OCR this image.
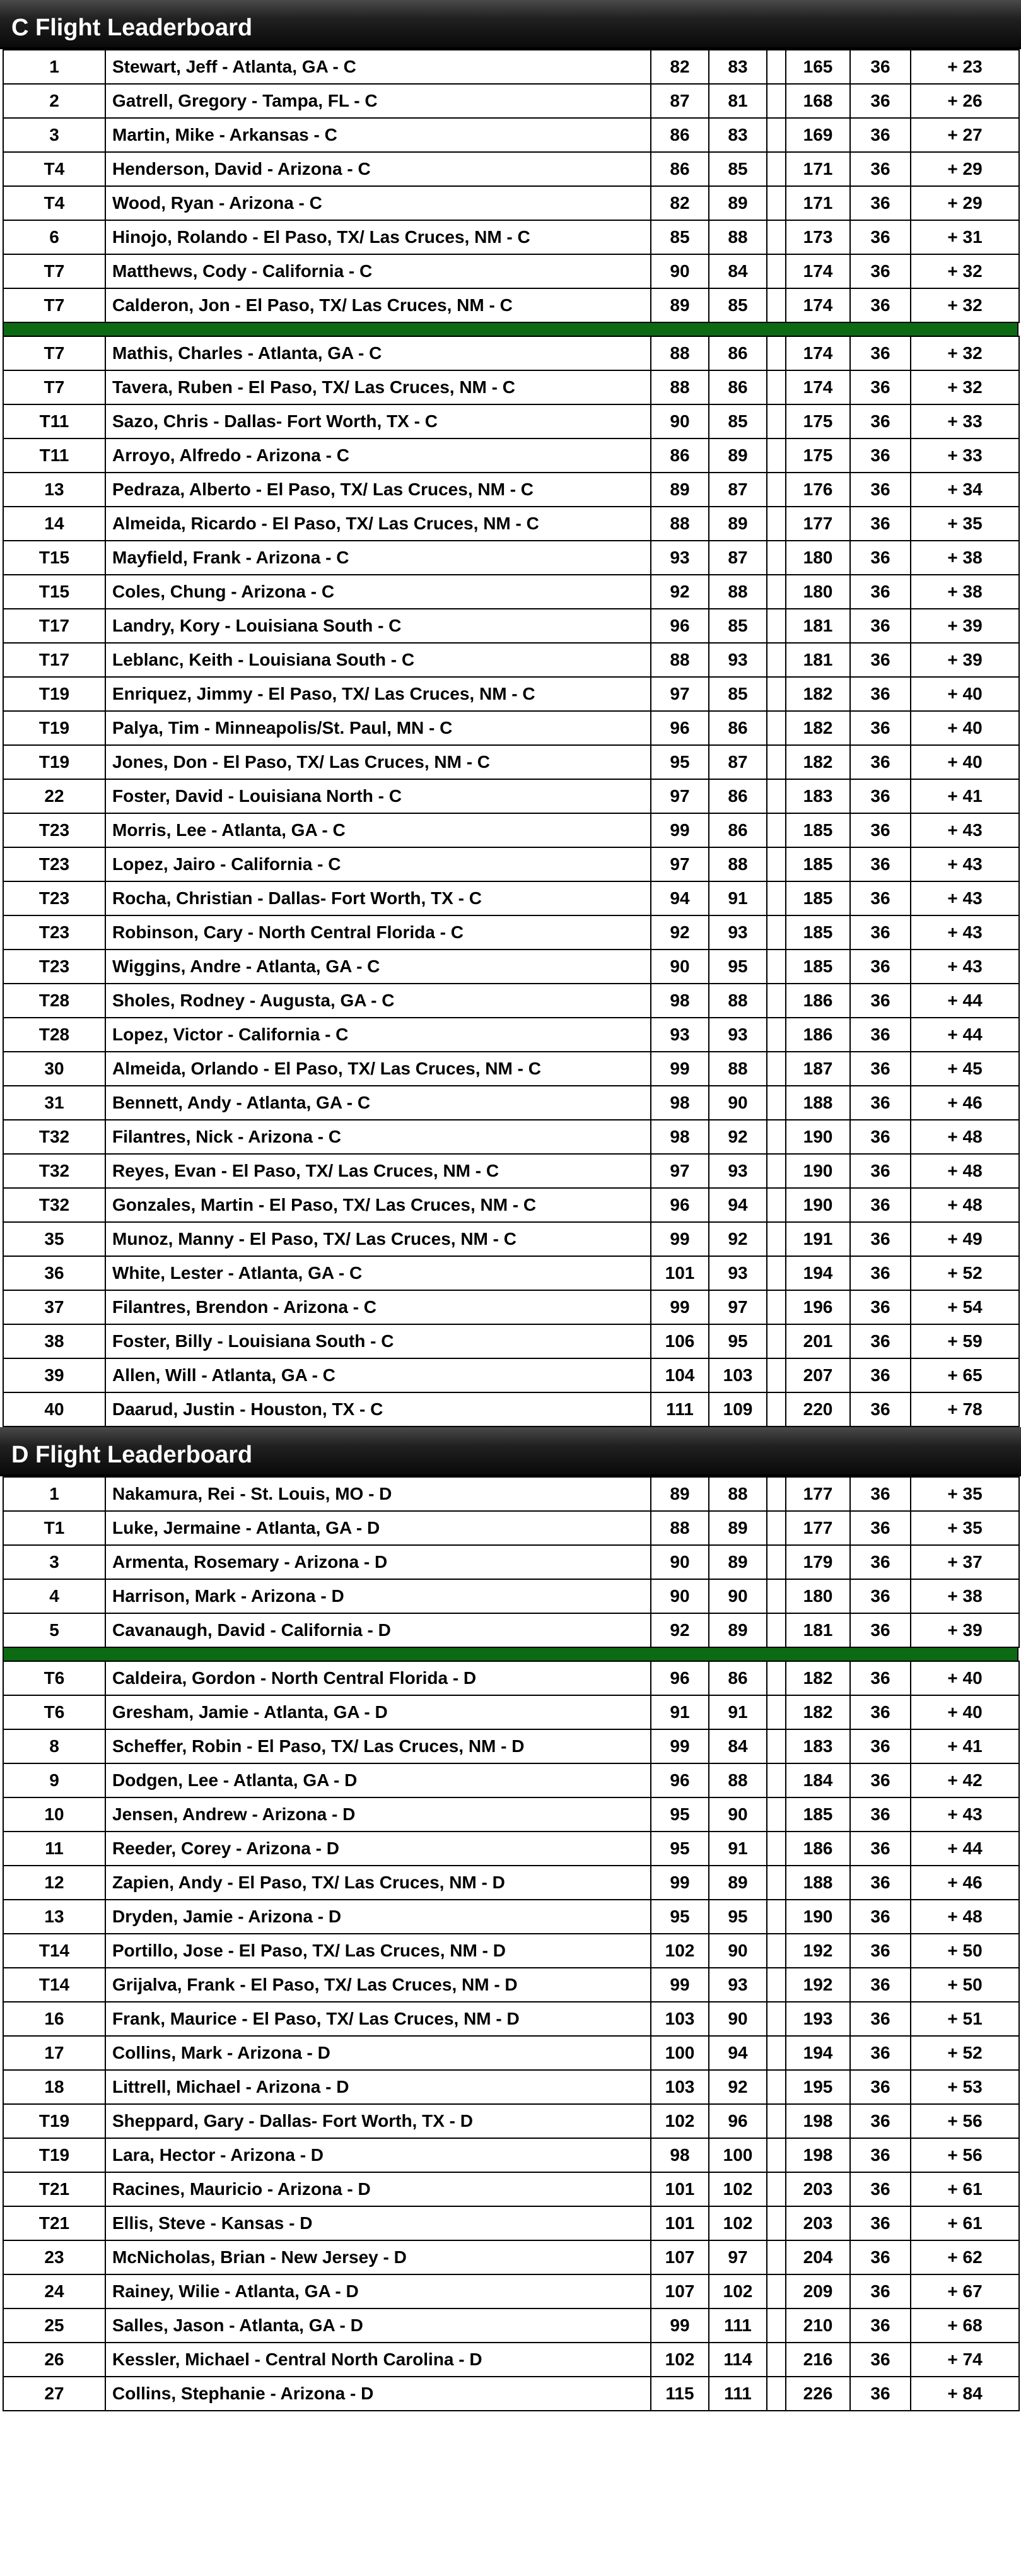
C Flight Leaderboard
1	Stewart, Jeff - Atlanta, GA - C	82	83		165	36	+ 23
2	Gatrell, Gregory - Tampa, FL - C	87	81		168	36	+ 26
3	Martin, Mike - Arkansas - C	86	83		169	36	+ 27
T4	Henderson, David - Arizona - C	86	85		171	36	+ 29
T4	Wood, Ryan - Arizona - C	82	89		171	36	+ 29
6	Hinojo, Rolando - El Paso, TX/ Las Cruces, NM - C	85	88		173	36	+ 31
T7	Matthews, Cody - California - C	90	84		174	36	+ 32
T7	Calderon, Jon - El Paso, TX/ Las Cruces, NM - C	89	85		174	36	+ 32
T7	Mathis, Charles - Atlanta, GA - C	88	86		174	36	+ 32
T7	Tavera, Ruben - El Paso, TX/ Las Cruces, NM - C	88	86		174	36	+ 32
T11	Sazo, Chris - Dallas- Fort Worth, TX - C	90	85		175	36	+ 33
T11	Arroyo, Alfredo - Arizona - C	86	89		175	36	+ 33
13	Pedraza, Alberto - El Paso, TX/ Las Cruces, NM - C	89	87		176	36	+ 34
14	Almeida, Ricardo - El Paso, TX/ Las Cruces, NM - C	88	89		177	36	+ 35
T15	Mayfield, Frank - Arizona - C	93	87		180	36	+ 38
T15	Coles, Chung - Arizona - C	92	88		180	36	+ 38
T17	Landry, Kory - Louisiana South - C	96	85		181	36	+ 39
T17	Leblanc, Keith - Louisiana South - C	88	93		181	36	+ 39
T19	Enriquez, Jimmy - El Paso, TX/ Las Cruces, NM - C	97	85		182	36	+ 40
T19	Palya, Tim - Minneapolis/St. Paul, MN - C	96	86		182	36	+ 40
T19	Jones, Don - El Paso, TX/ Las Cruces, NM - C	95	87		182	36	+ 40
22	Foster, David - Louisiana North - C	97	86		183	36	+ 41
T23	Morris, Lee - Atlanta, GA - C	99	86		185	36	+ 43
T23	Lopez, Jairo - California - C	97	88		185	36	+ 43
T23	Rocha, Christian - Dallas- Fort Worth, TX - C	94	91		185	36	+ 43
T23	Robinson, Cary - North Central Florida - C	92	93		185	36	+ 43
T23	Wiggins, Andre - Atlanta, GA - C	90	95		185	36	+ 43
T28	Sholes, Rodney - Augusta, GA - C	98	88		186	36	+ 44
T28	Lopez, Victor - California - C	93	93		186	36	+ 44
30	Almeida, Orlando - El Paso, TX/ Las Cruces, NM - C	99	88		187	36	+ 45
31	Bennett, Andy - Atlanta, GA - C	98	90		188	36	+ 46
T32	Filantres, Nick - Arizona - C	98	92		190	36	+ 48
T32	Reyes, Evan - El Paso, TX/ Las Cruces, NM - C	97	93		190	36	+ 48
T32	Gonzales, Martin - El Paso, TX/ Las Cruces, NM - C	96	94		190	36	+ 48
35	Munoz, Manny - El Paso, TX/ Las Cruces, NM - C	99	92		191	36	+ 49
36	White, Lester - Atlanta, GA - C	101	93		194	36	+ 52
37	Filantres, Brendon - Arizona - C	99	97		196	36	+ 54
38	Foster, Billy - Louisiana South - C	106	95		201	36	+ 59
39	Allen, Will - Atlanta, GA - C	104	103		207	36	+ 65
40	Daarud, Justin - Houston, TX - C	111	109		220	36	+ 78
D Flight Leaderboard
1	Nakamura, Rei - St. Louis, MO - D	89	88		177	36	+ 35
T1	Luke, Jermaine - Atlanta, GA - D	88	89		177	36	+ 35
3	Armenta, Rosemary - Arizona - D	90	89		179	36	+ 37
4	Harrison, Mark - Arizona - D	90	90		180	36	+ 38
5	Cavanaugh, David - California - D	92	89		181	36	+ 39
T6	Caldeira, Gordon - North Central Florida - D	96	86		182	36	+ 40
T6	Gresham, Jamie - Atlanta, GA - D	91	91		182	36	+ 40
8	Scheffer, Robin - El Paso, TX/ Las Cruces, NM - D	99	84		183	36	+ 41
9	Dodgen, Lee - Atlanta, GA - D	96	88		184	36	+ 42
10	Jensen, Andrew - Arizona - D	95	90		185	36	+ 43
11	Reeder, Corey - Arizona - D	95	91		186	36	+ 44
12	Zapien, Andy - El Paso, TX/ Las Cruces, NM - D	99	89		188	36	+ 46
13	Dryden, Jamie - Arizona - D	95	95		190	36	+ 48
T14	Portillo, Jose - El Paso, TX/ Las Cruces, NM - D	102	90		192	36	+ 50
T14	Grijalva, Frank - El Paso, TX/ Las Cruces, NM - D	99	93		192	36	+ 50
16	Frank, Maurice - El Paso, TX/ Las Cruces, NM - D	103	90		193	36	+ 51
17	Collins, Mark - Arizona - D	100	94		194	36	+ 52
18	Littrell, Michael - Arizona - D	103	92		195	36	+ 53
T19	Sheppard, Gary - Dallas- Fort Worth, TX - D	102	96		198	36	+ 56
T19	Lara, Hector - Arizona - D	98	100		198	36	+ 56
T21	Racines, Mauricio - Arizona - D	101	102		203	36	+ 61
T21	Ellis, Steve - Kansas - D	101	102		203	36	+ 61
23	McNicholas, Brian - New Jersey - D	107	97		204	36	+ 62
24	Rainey, Wilie - Atlanta, GA - D	107	102		209	36	+ 67
25	Salles, Jason - Atlanta, GA - D	99	111		210	36	+ 68
26	Kessler, Michael - Central North Carolina - D	102	114		216	36	+ 74
27	Collins, Stephanie - Arizona - D	115	111		226	36	+ 84
